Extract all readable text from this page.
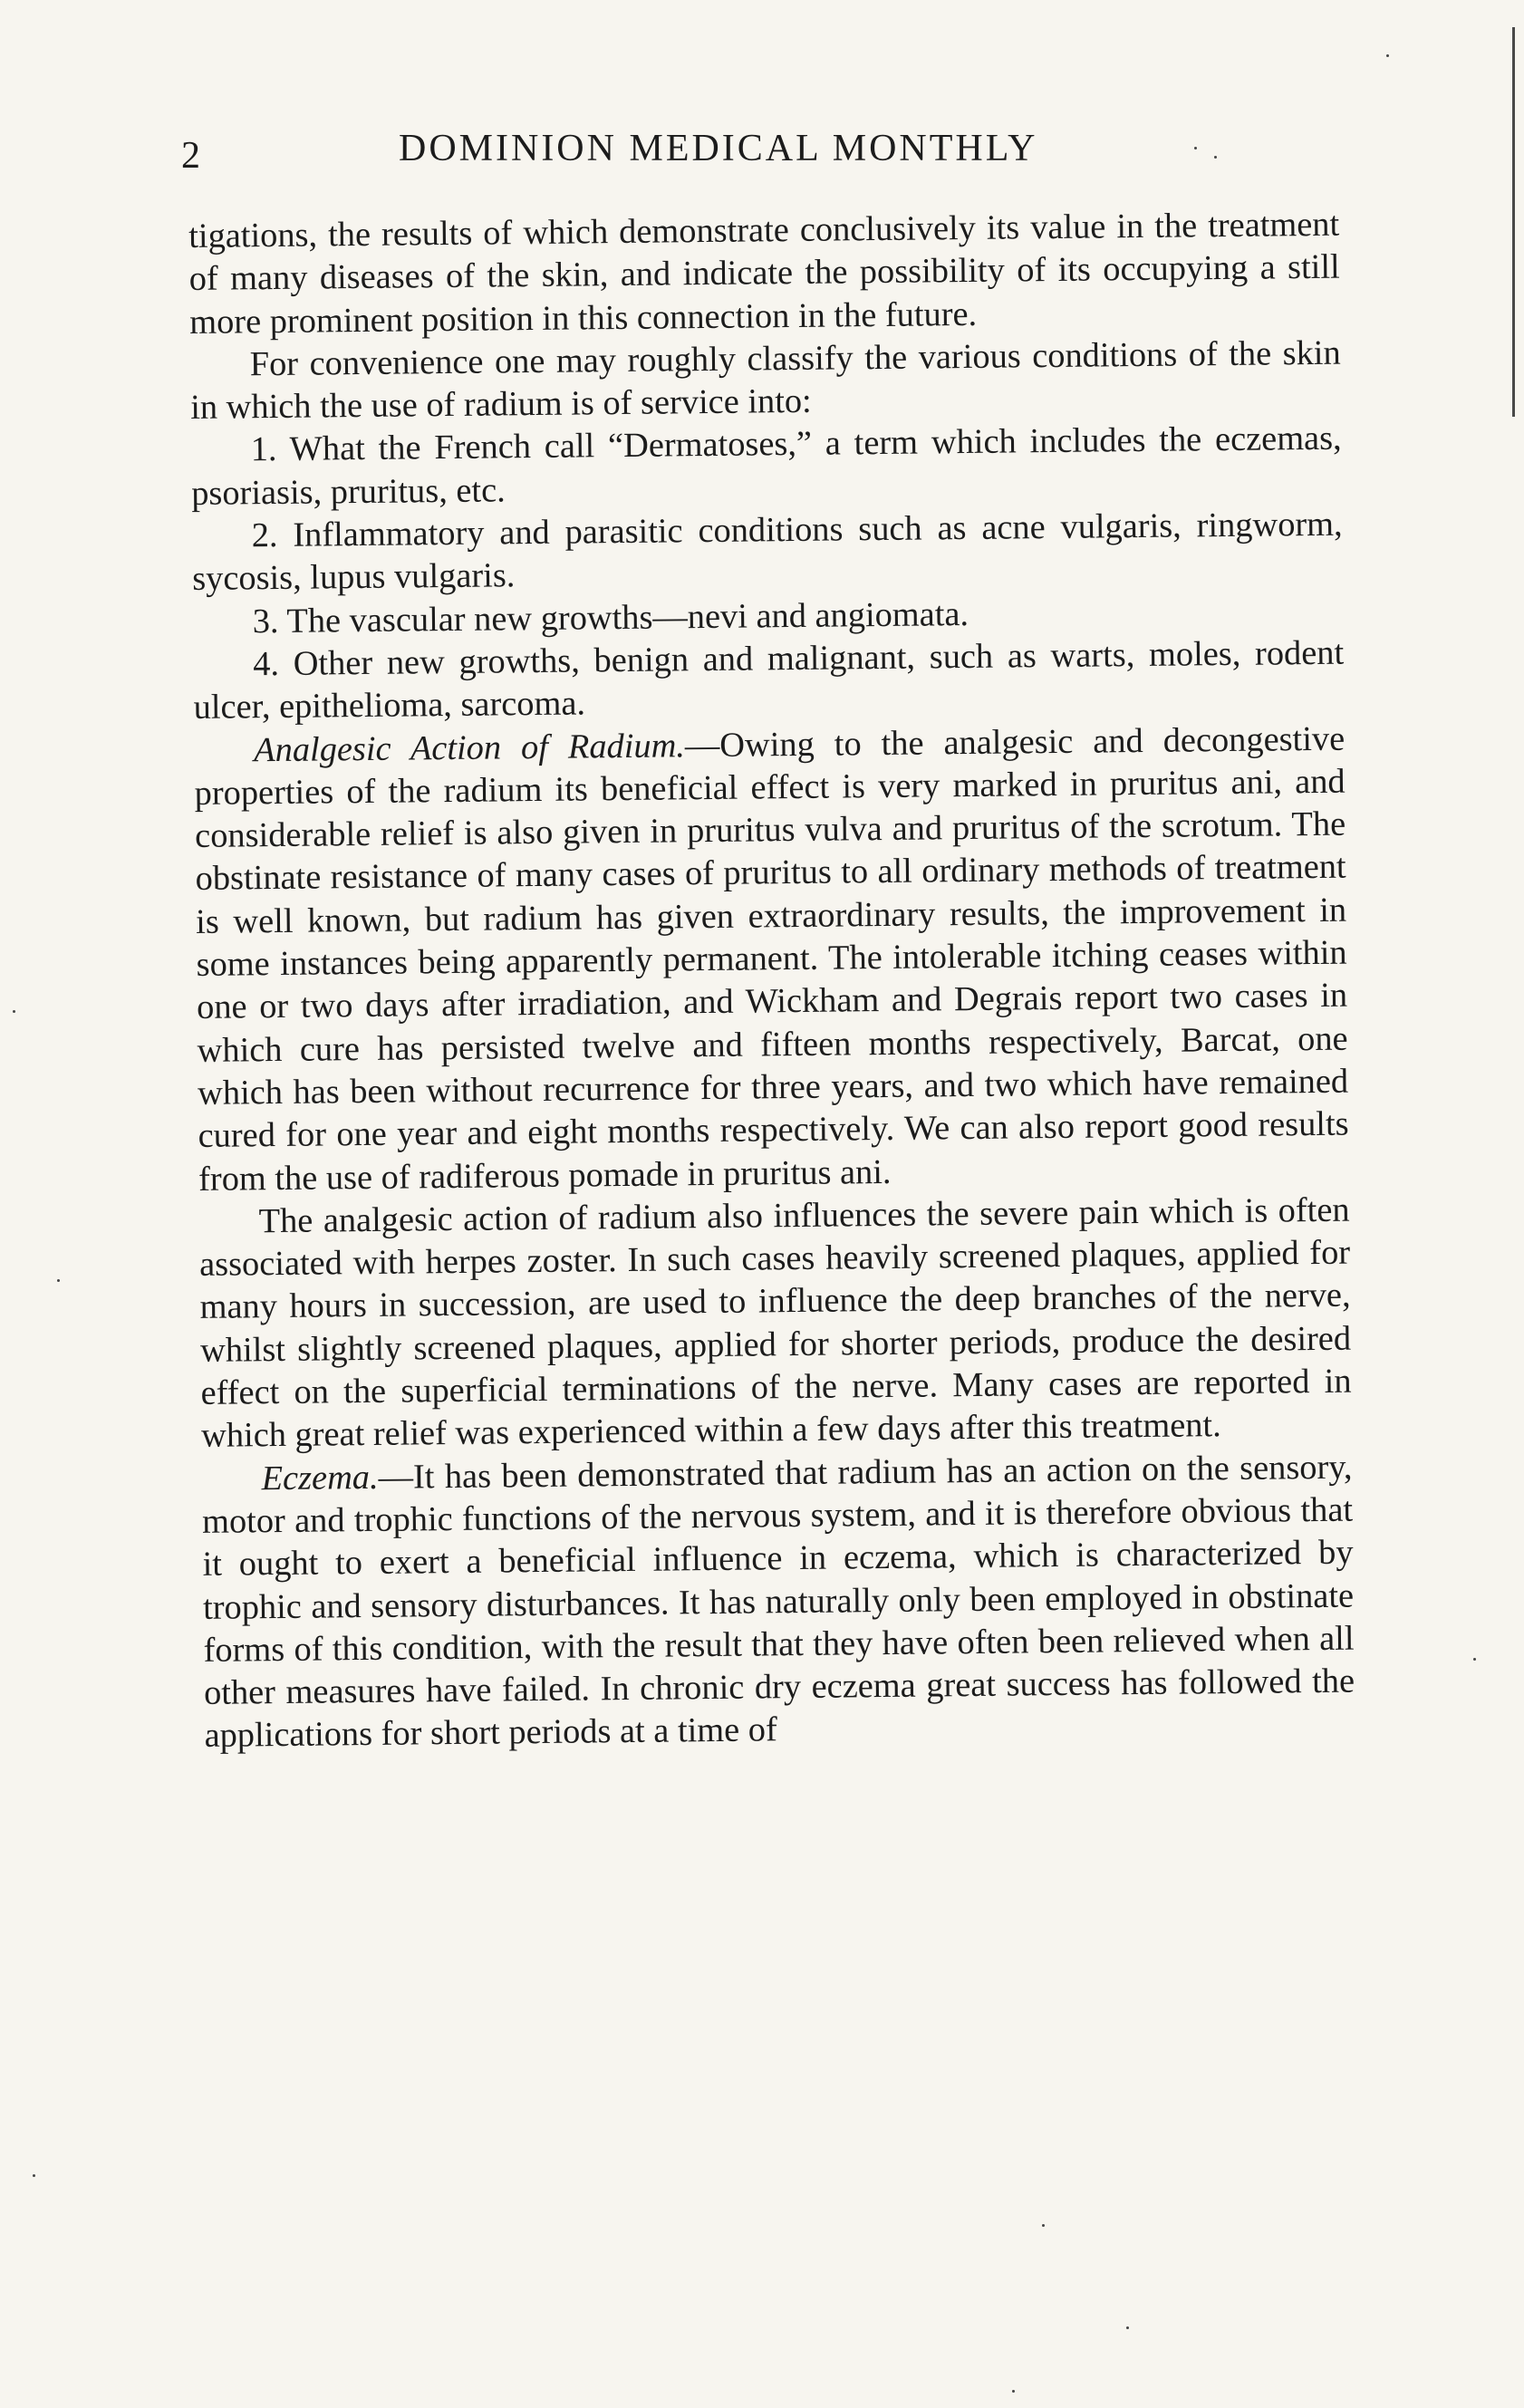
2	DOMINION MEDICAL MONTHLY

tigations, the results of which demonstrate conclusively its value in the treatment of many diseases of the skin, and indicate the possibility of its occupying a still more prominent position in this connection in the future.

For convenience one may roughly classify the various conditions of the skin in which the use of radium is of service into:

1. What the French call “Dermatoses,” a term which includes the eczemas, psoriasis, pruritus, etc.

2. Inflammatory and parasitic conditions such as acne vulgaris, ringworm, sycosis, lupus vulgaris.

3. The vascular new growths—nevi and angiomata.

4. Other new growths, benign and malignant, such as warts, moles, rodent ulcer, epithelioma, sarcoma.

Analgesic Action of Radium.—Owing to the analgesic and decongestive properties of the radium its beneficial effect is very marked in pruritus ani, and considerable relief is also given in pruritus vulva and pruritus of the scrotum. The obstinate resistance of many cases of pruritus to all ordinary methods of treatment is well known, but radium has given extraordinary results, the improvement in some instances being apparently permanent. The intolerable itching ceases within one or two days after irradiation, and Wickham and Degrais report two cases in which cure has persisted twelve and fifteen months respectively, Barcat, one which has been without recurrence for three years, and two which have remained cured for one year and eight months respectively. We can also report good results from the use of radiferous pomade in pruritus ani.

The analgesic action of radium also influences the severe pain which is often associated with herpes zoster. In such cases heavily screened plaques, applied for many hours in succession, are used to influence the deep branches of the nerve, whilst slightly screened plaques, applied for shorter periods, produce the desired effect on the superficial terminations of the nerve. Many cases are reported in which great relief was experienced within a few days after this treatment.

Eczema.—It has been demonstrated that radium has an action on the sensory, motor and trophic functions of the nervous system, and it is therefore obvious that it ought to exert a beneficial influence in eczema, which is characterized by trophic and sensory disturbances. It has naturally only been employed in obstinate forms of this condition, with the result that they have often been relieved when all other measures have failed. In chronic dry eczema great success has followed the applications for short periods at a time of
